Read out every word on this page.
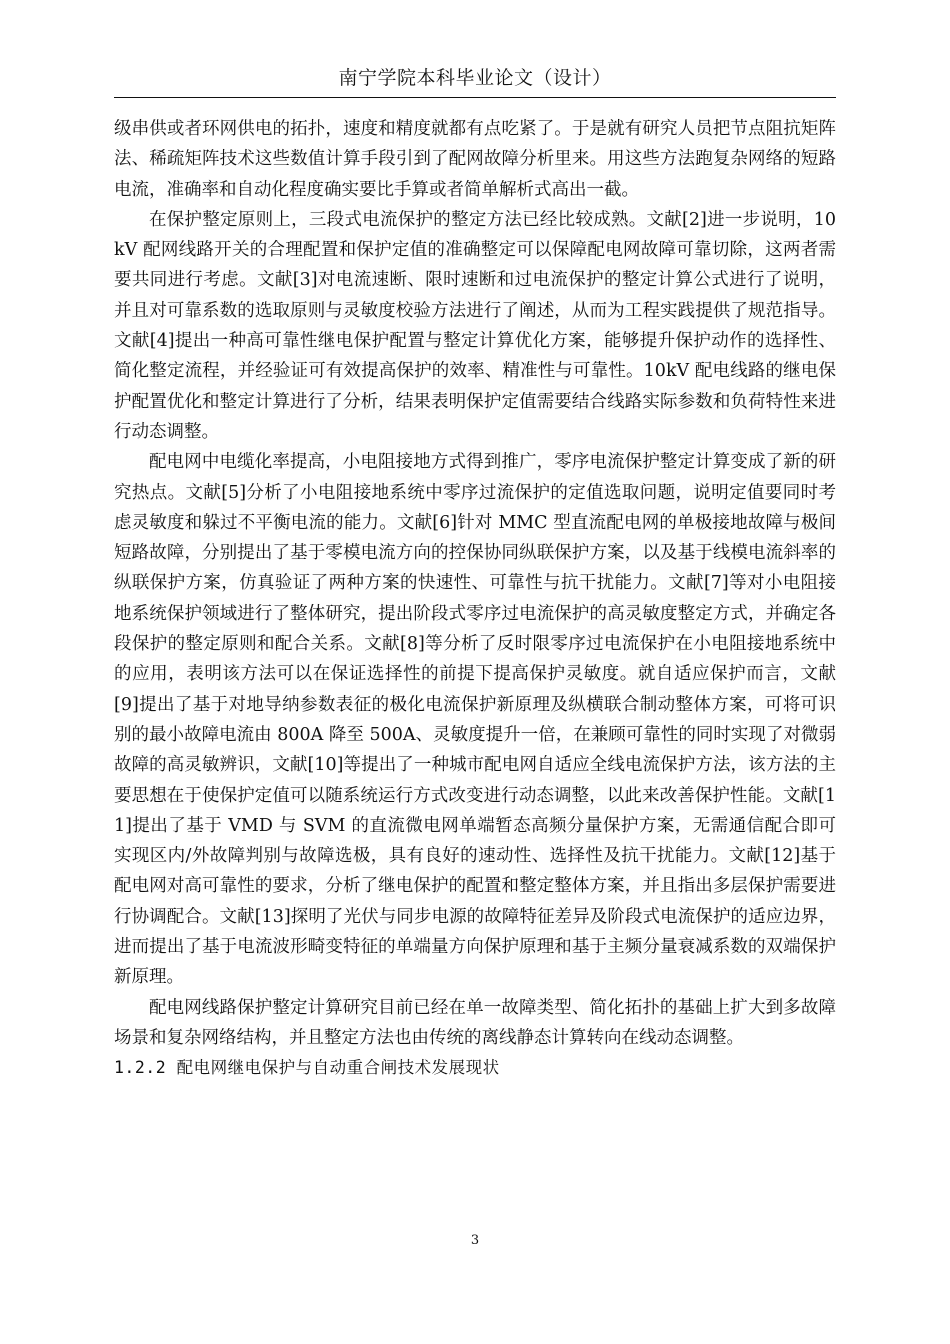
南宁学院本科毕业论文（设计）

级串供或者环网供电的拓扑，速度和精度就都有点吃紧了。于是就有研究人员把节点阻抗矩阵法、稀疏矩阵技术这些数值计算手段引到了配网故障分析里来。用这些方法跑复杂网络的短路电流，准确率和自动化程度确实要比手算或者简单解析式高出一截。

在保护整定原则上，三段式电流保护的整定方法已经比较成熟。文献[2]进一步说明，10kV 配网线路开关的合理配置和保护定值的准确整定可以保障配电网故障可靠切除，这两者需要共同进行考虑。文献[3]对电流速断、限时速断和过电流保护的整定计算公式进行了说明，并且对可靠系数的选取原则与灵敏度校验方法进行了阐述，从而为工程实践提供了规范指导。文献[4]提出一种高可靠性继电保护配置与整定计算优化方案，能够提升保护动作的选择性、简化整定流程，并经验证可有效提高保护的效率、精准性与可靠性。10kV 配电线路的继电保护配置优化和整定计算进行了分析，结果表明保护定值需要结合线路实际参数和负荷特性来进行动态调整。

配电网中电缆化率提高，小电阻接地方式得到推广，零序电流保护整定计算变成了新的研究热点。文献[5]分析了小电阻接地系统中零序过流保护的定值选取问题，说明定值要同时考虑灵敏度和躲过不平衡电流的能力。文献[6]针对 MMC 型直流配电网的单极接地故障与极间短路故障，分别提出了基于零模电流方向的控保协同纵联保护方案，以及基于线模电流斜率的纵联保护方案，仿真验证了两种方案的快速性、可靠性与抗干扰能力。文献[7]等对小电阻接地系统保护领域进行了整体研究，提出阶段式零序过电流保护的高灵敏度整定方式，并确定各段保护的整定原则和配合关系。文献[8]等分析了反时限零序过电流保护在小电阻接地系统中的应用，表明该方法可以在保证选择性的前提下提高保护灵敏度。就自适应保护而言，文献[9]提出了基于对地导纳参数表征的极化电流保护新原理及纵横联合制动整体方案，可将可识别的最小故障电流由 800A 降至 500A、灵敏度提升一倍，在兼顾可靠性的同时实现了对微弱故障的高灵敏辨识，文献[10]等提出了一种城市配电网自适应全线电流保护方法，该方法的主要思想在于使保护定值可以随系统运行方式改变进行动态调整，以此来改善保护性能。文献[11]提出了基于 VMD 与 SVM 的直流微电网单端暂态高频分量保护方案，无需通信配合即可实现区内/外故障判别与故障选极，具有良好的速动性、选择性及抗干扰能力。文献[12]基于配电网对高可靠性的要求，分析了继电保护的配置和整定整体方案，并且指出多层保护需要进行协调配合。文献[13]探明了光伏与同步电源的故障特征差异及阶段式电流保护的适应边界，进而提出了基于电流波形畸变特征的单端量方向保护原理和基于主频分量衰减系数的双端保护新原理。

配电网线路保护整定计算研究目前已经在单一故障类型、简化拓扑的基础上扩大到多故障场景和复杂网络结构，并且整定方法也由传统的离线静态计算转向在线动态调整。

1.2.2 配电网继电保护与自动重合闸技术发展现状

3
